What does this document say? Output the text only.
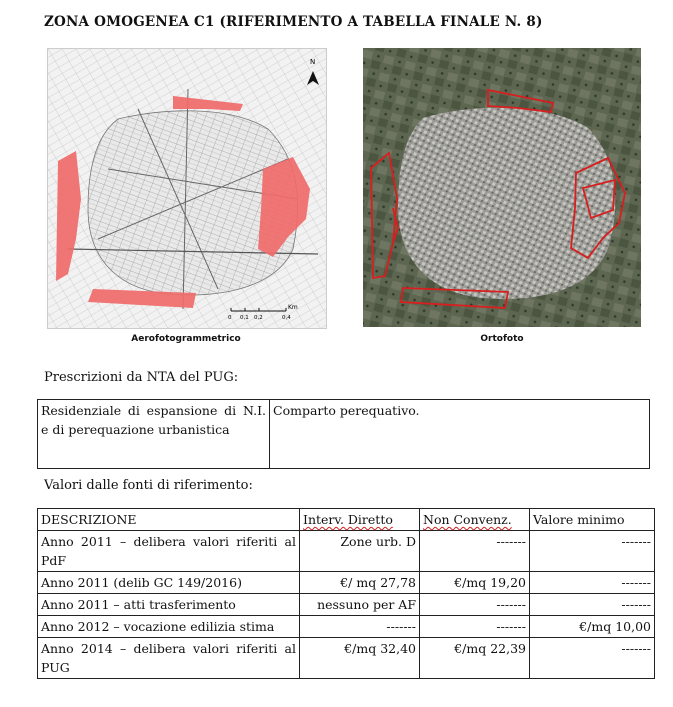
ZONA OMOGENEA C1 (RIFERIMENTO A TABELLA FINALE N. 8)
N
Km
0 0,1 0,2	0,4
Aerofotogrammetrico	Ortofoto
Prescrizioni da NTA del PUG:
Residenziale di espansione di N.I. e di perequazione urbanistica	Comparto perequativo.
Valori dalle fonti di riferimento:
DESCRIZIONE	Interv. Diretto	Non Convenz.	Valore minimo
Anno 2011 – delibera valori riferiti al PdF	Zone urb. D	-------	-------
Anno 2011 (delib GC 149/2016)	€/ mq 27,78	€/mq 19,20	-------
Anno 2011 – atti trasferimento	nessuno per AF	-------	-------
Anno 2012 – vocazione edilizia stima	-------	-------	€/mq 10,00
Anno 2014 – delibera valori riferiti al PUG	€/mq 32,40	€/mq 22,39	-------
